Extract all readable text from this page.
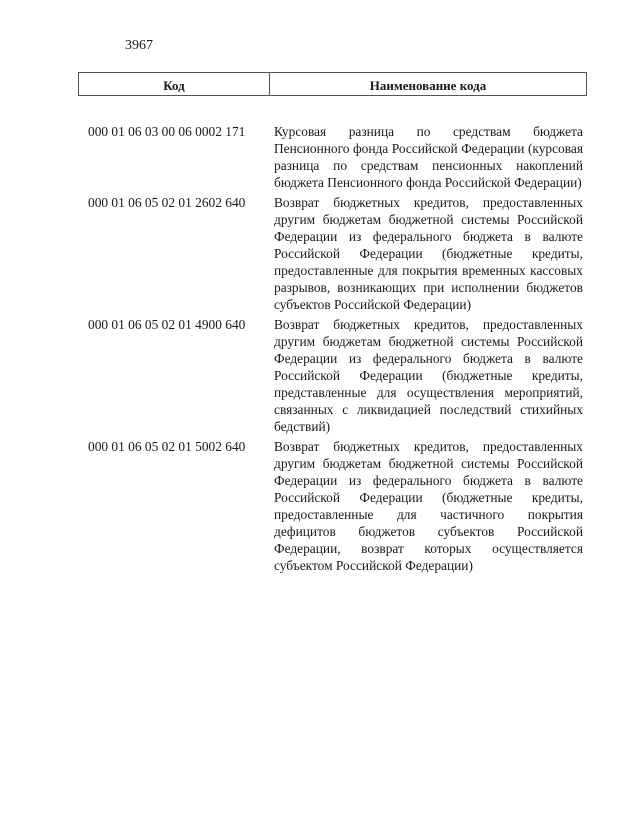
3967
Код	Наименование кода
000 01 06 03 00 06 0002 171	Курсовая разница по средствам бюджета Пенсионного фонда Российской Федерации (курсовая разница по средствам пенсионных накоплений бюджета Пенсионного фонда Российской Федерации)
000 01 06 05 02 01 2602 640	Возврат бюджетных кредитов, предоставленных другим бюджетам бюджетной системы Российской Федерации из федерального бюджета в валюте Российской Федерации (бюджетные кредиты, предоставленные для покрытия временных кассовых разрывов, возникающих при исполнении бюджетов субъектов Российской Федерации)
000 01 06 05 02 01 4900 640	Возврат бюджетных кредитов, предоставленных другим бюджетам бюджетной системы Российской Федерации из федерального бюджета в валюте Российской Федерации (бюджетные кредиты, представленные для осуществления мероприятий, связанных с ликвидацией последствий стихийных бедствий)
000 01 06 05 02 01 5002 640	Возврат бюджетных кредитов, предоставленных другим бюджетам бюджетной системы Российской Федерации из федерального бюджета в валюте Российской Федерации (бюджетные кредиты, предоставленные для частичного покрытия дефицитов бюджетов субъектов Российской Федерации, возврат которых осуществляется субъектом Российской Федерации)
